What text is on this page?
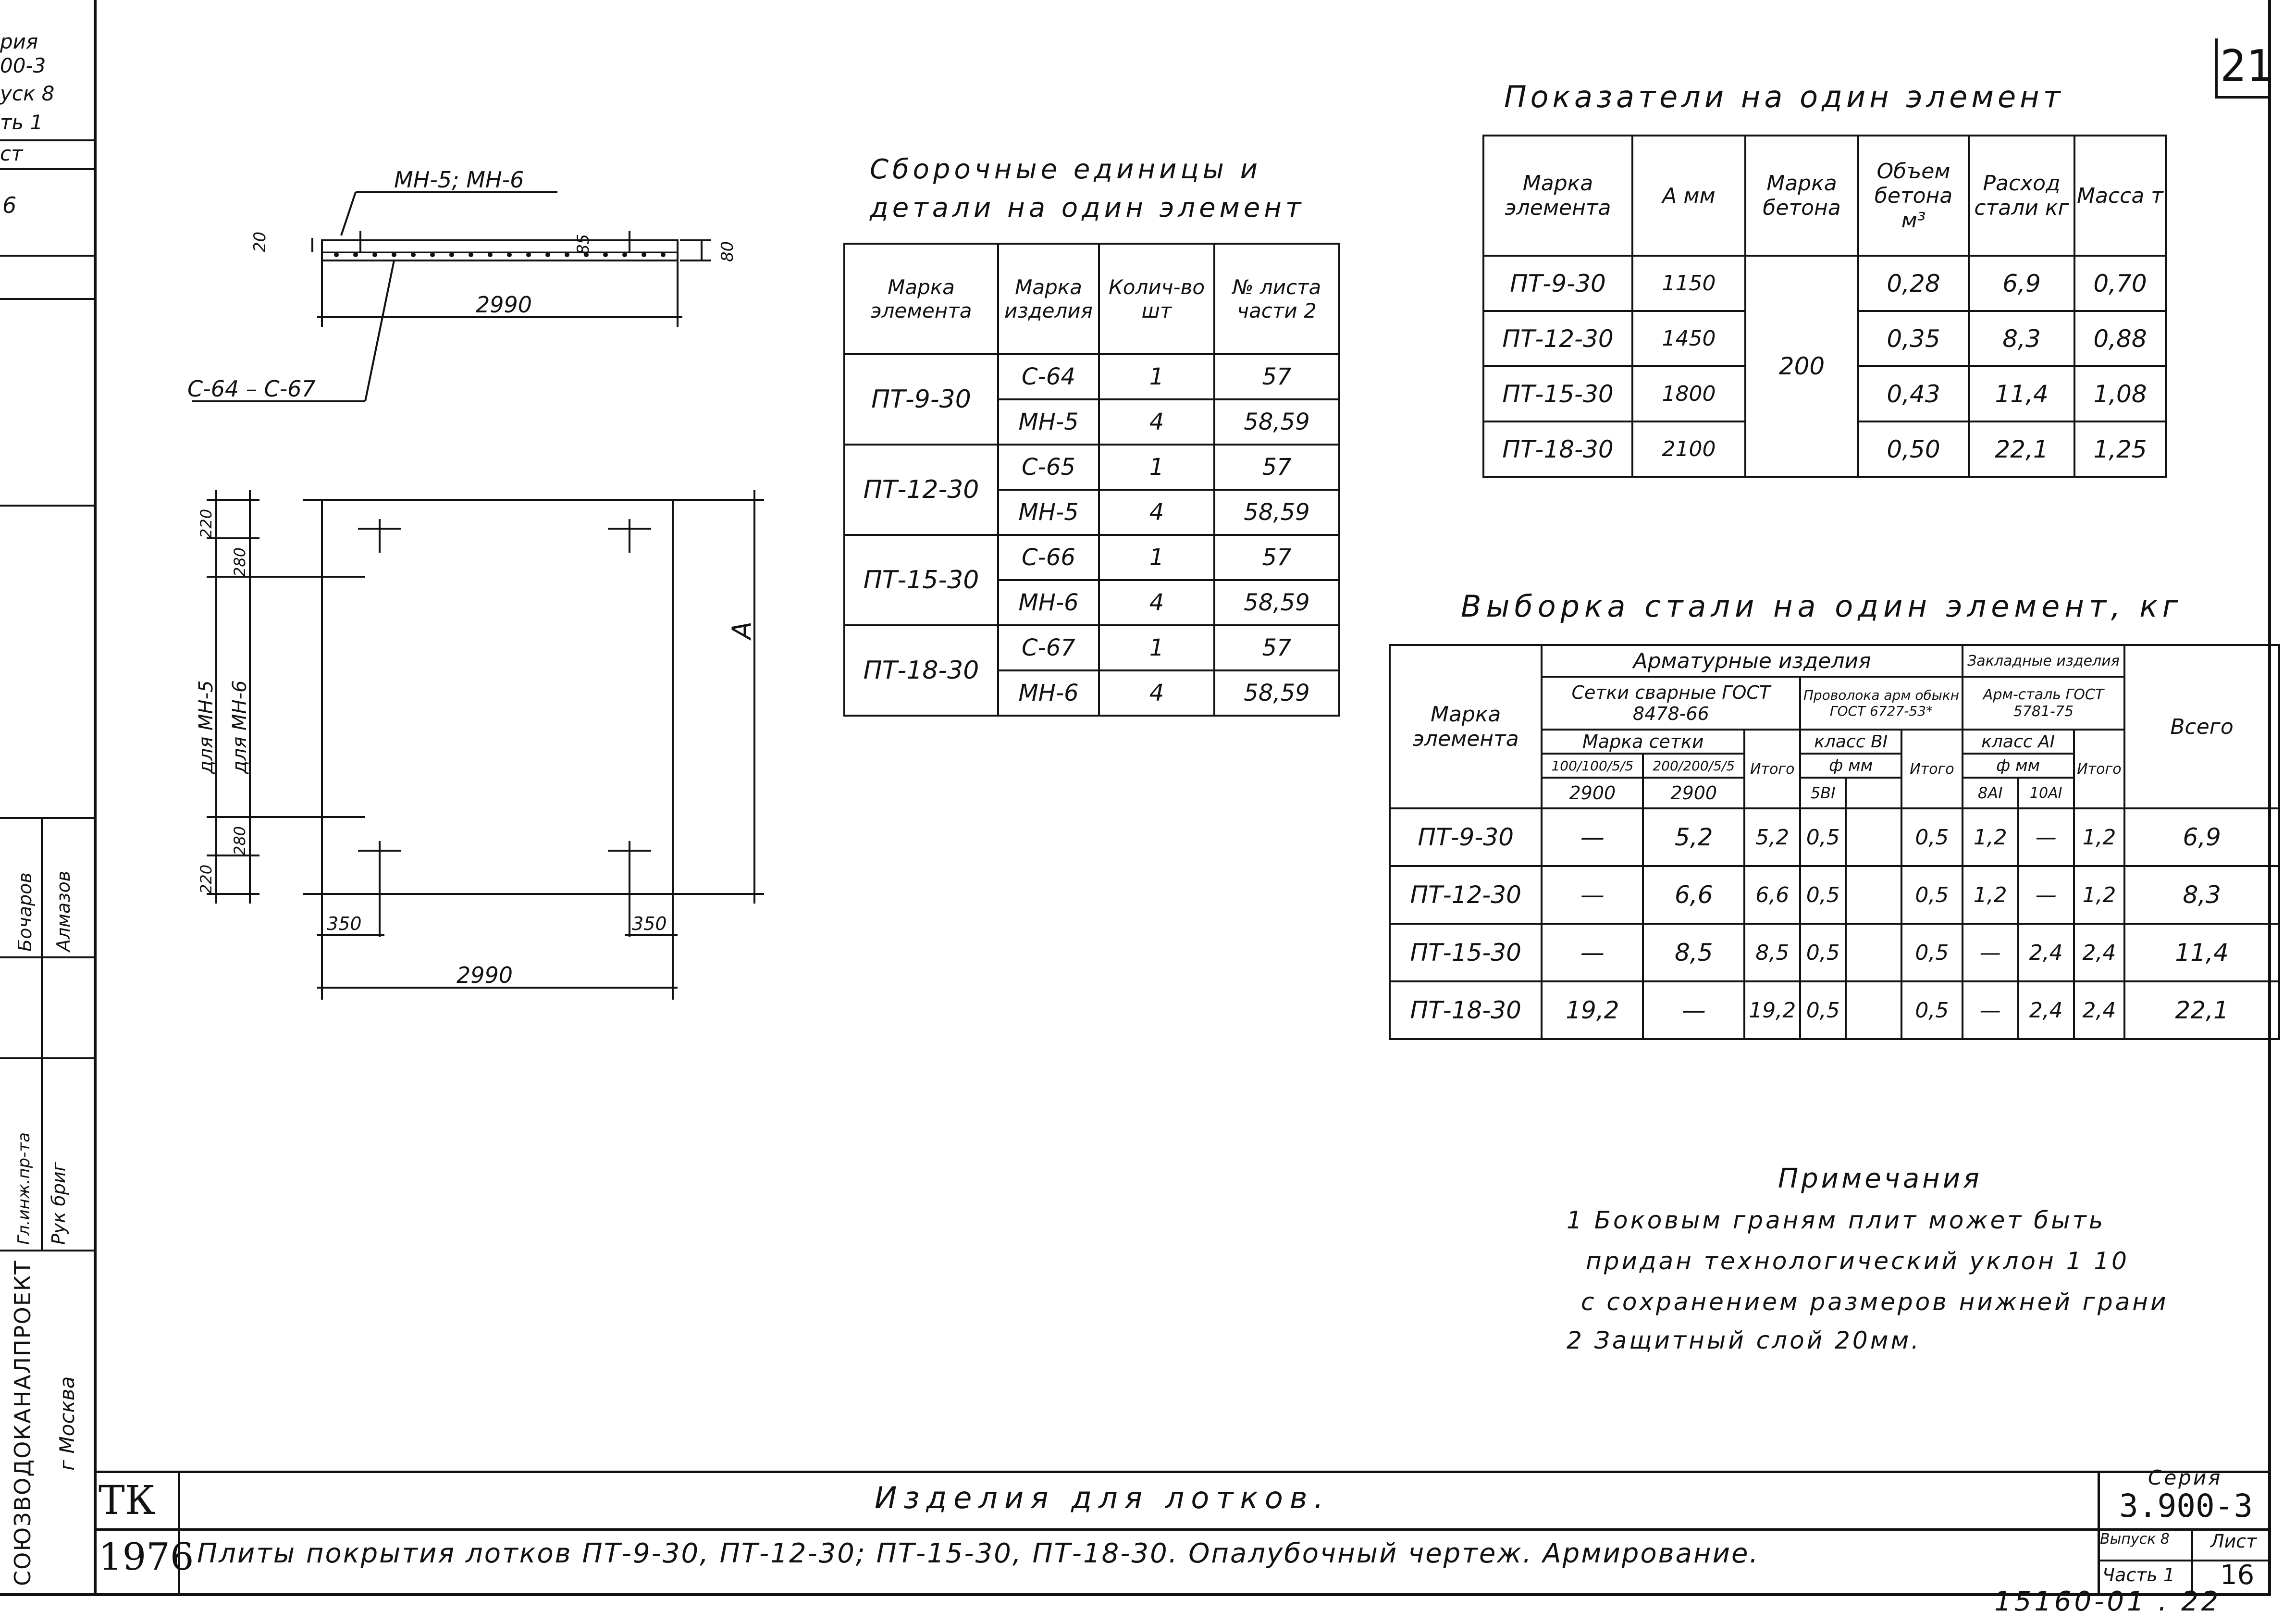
21
рия
00-3
уск 8
ть 1
ст
6
СОЮЗВОДОКАНАЛПРОЕКТ г Москва
Гл.инж.пр-та Рук бриг
Бочаров Алмазов
МН-5; МН-6
2990
С-64 – С-67
20	85	80
220
280
для МН-5 для МН-6
220
280
А
350	350
2990
Сборочные единицы и
детали на один элемент
Марка элемента	Марка изделия	Колич-во шт	№ листа части 2
ПТ-9-30	С-64	1	57
	МН-5	4	58,59
ПТ-12-30	С-65	1	57
	МН-5	4	58,59
ПТ-15-30	С-66	1	57
	МН-6	4	58,59
ПТ-18-30	С-67	1	57
	МН-6	4	58,59
Показатели на один элемент
Марка элемента	А мм	Марка бетона	Объем бетона м³	Расход стали кг	Масса т
ПТ-9-30	1150	200	0,28	6,9	0,70
ПТ-12-30	1450		0,35	8,3	0,88
ПТ-15-30	1800		0,43	11,4	1,08
ПТ-18-30	2100		0,50	22,1	1,25
Выборка стали на один элемент, кг
Марка элемента	Арматурные изделия						Закладные изделия			Всего
	Сетки сварные ГОСТ 8478-66			Проволока арм обыкн ГОСТ 6727-53*			Арм-сталь ГОСТ 5781-75			
	Марка сетки		Итого	класс BI		Итого	класс AI		Итого	
	100/100/5/5	200/200/5/5		ф мм			ф мм			
	2900	2900		5BI			8AI	10AI		
ПТ-9-30	—	5,2	5,2	0,5		0,5	1,2	—	1,2	6,9
ПТ-12-30	—	6,6	6,6	0,5		0,5	1,2	—	1,2	8,3
ПТ-15-30	—	8,5	8,5	0,5		0,5	—	2,4	2,4	11,4
ПТ-18-30	19,2	—	19,2	0,5		0,5	—	2,4	2,4	22,1
Примечания
1 Боковым граням плит может быть
придан технологический уклон 1 10
с сохранением размеров нижней грани
2 Защитный слой 20мм.
ТК
1976
Изделия для лотков.
Плиты покрытия лотков ПТ-9-30, ПТ-12-30; ПТ-15-30, ПТ-18-30. Опалубочный чертеж. Армирование.
Серия
3.900-3
Выпуск 8
Часть 1
Лист
16
15160-01 . 22
